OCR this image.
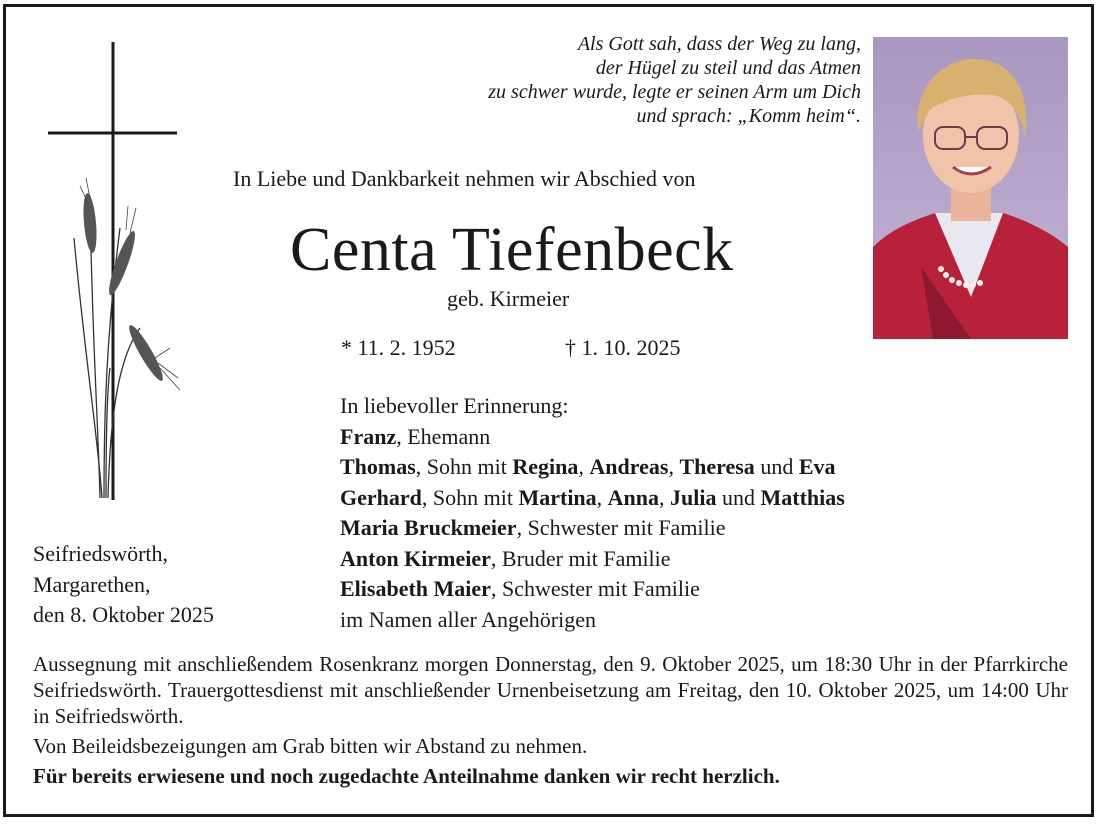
Als Gott sah, dass der Weg zu lang,
der Hügel zu steil und das Atmen
zu schwer wurde, legte er seinen Arm um Dich
und sprach: „Komm heim“.
In Liebe und Dankbarkeit nehmen wir Abschied von
Centa Tiefenbeck
geb. Kirmeier
* 11. 2. 1952	† 1. 10. 2025
In liebevoller Erinnerung:
Franz, Ehemann
Thomas, Sohn mit Regina, Andreas, Theresa und Eva
Gerhard, Sohn mit Martina, Anna, Julia und Matthias
Maria Bruckmeier, Schwester mit Familie
Anton Kirmeier, Bruder mit Familie
Elisabeth Maier, Schwester mit Familie
im Namen aller Angehörigen
Seifriedswörth,
Margarethen,
den 8. Oktober 2025

Aussegnung mit anschließendem Rosenkranz morgen Donnerstag, den 9. Oktober 2025, um 18:30 Uhr in der Pfarrkirche Seifriedswörth. Trauergottesdienst mit anschließender Urnenbeisetzung am Freitag, den 10. Oktober 2025, um 14:00 Uhr in Seifriedswörth.

Von Beileidsbezeigungen am Grab bitten wir Abstand zu nehmen.

Für bereits erwiesene und noch zugedachte Anteilnahme danken wir recht herzlich.
